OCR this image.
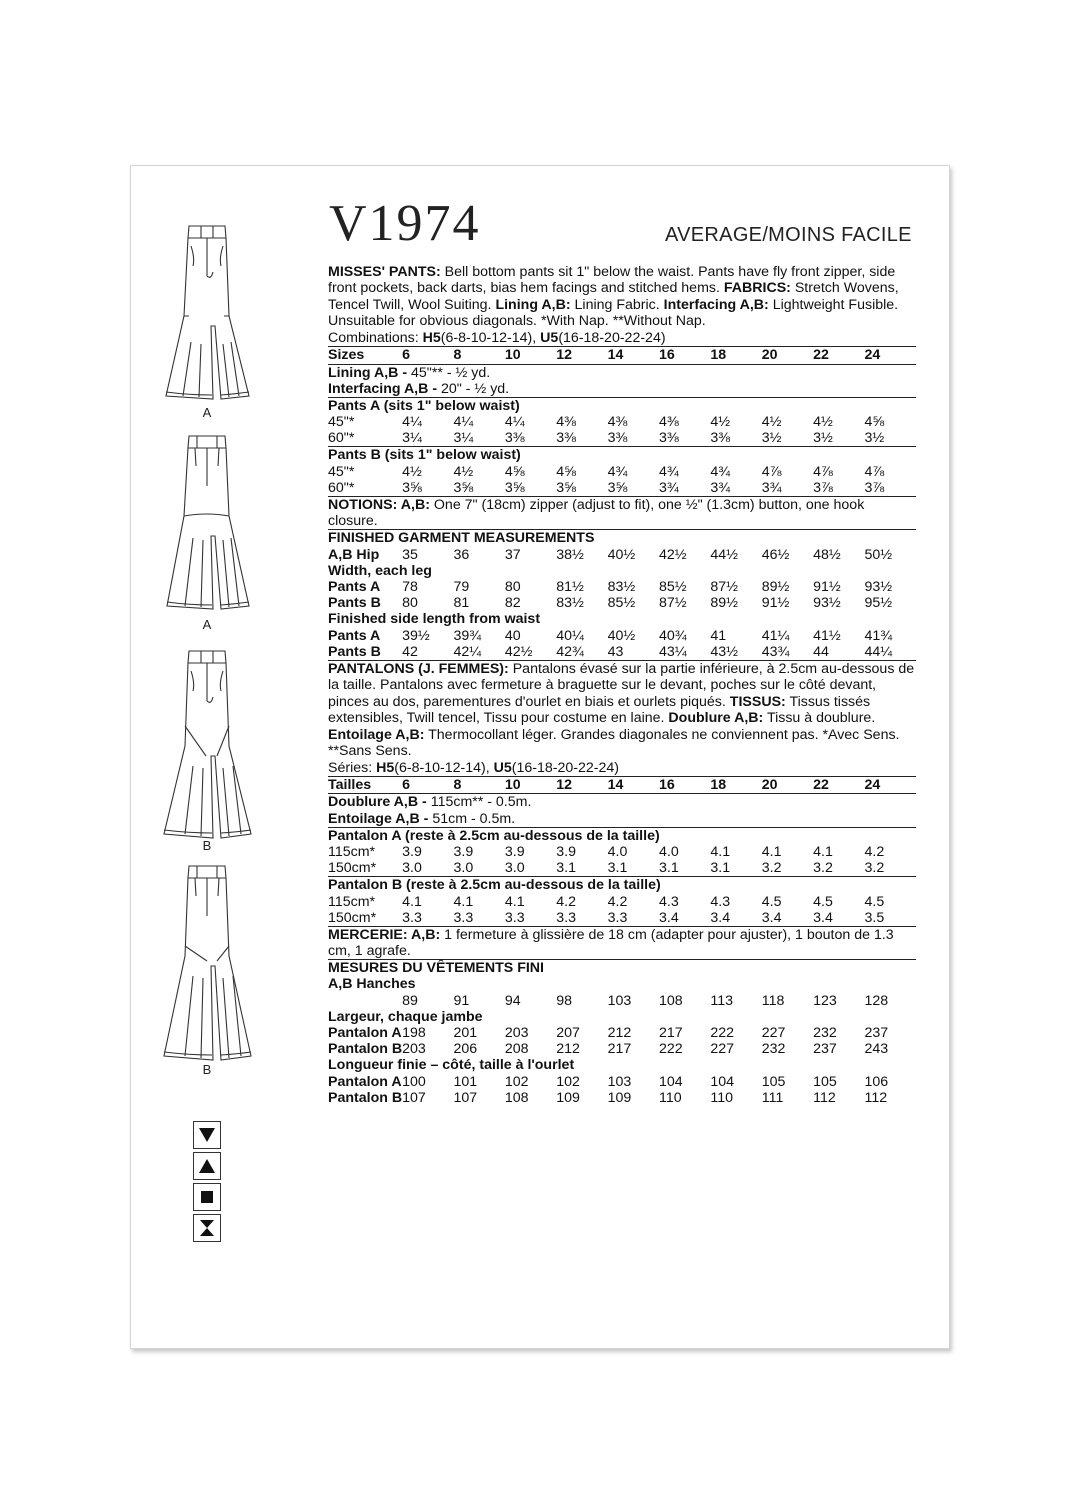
A
A
B
B
V1974	AVERAGE/MOINS FACILE

MISSES' PANTS: Bell bottom pants sit 1" below the waist. Pants have fly front zipper, side front pockets, back darts, bias hem facings and stitched hems. FABRICS: Stretch Wovens, Tencel Twill, Wool Suiting. Lining A,B: Lining Fabric. Interfacing A,B: Lightweight Fusible. Unsuitable for obvious diagonals. *With Nap. **Without Nap.

Combinations: H5(6-8-10-12-14), U5(16-18-20-22-24)

Sizes	6	8	10	12	14	16	18	20	22	24
Lining A,B - 45"** - ½ yd.										
Interfacing A,B - 20" - ½ yd.										
Pants A (sits 1" below waist)										
45"*	4¼	4¼	4¼	4⅜	4⅜	4⅜	4½	4½	4½	4⅝
60"*	3¼	3¼	3⅜	3⅜	3⅜	3⅜	3⅜	3½	3½	3½
Pants B (sits 1" below waist)										
45"*	4½	4½	4⅝	4⅝	4¾	4¾	4¾	4⅞	4⅞	4⅞
60"*	3⅝	3⅝	3⅝	3⅝	3⅝	3¾	3¾	3¾	3⅞	3⅞
NOTIONS: A,B: One 7" (18cm) zipper (adjust to fit), one ½" (1.3cm) button, one hook closure.										
FINISHED GARMENT MEASUREMENTS										
A,B Hip	35	36	37	38½	40½	42½	44½	46½	48½	50½
Width, each leg										
Pants A	78	79	80	81½	83½	85½	87½	89½	91½	93½
Pants B	80	81	82	83½	85½	87½	89½	91½	93½	95½
Finished side length from waist										
Pants A	39½	39¾	40	40¼	40½	40¾	41	41¼	41½	41¾
Pants B	42	42¼	42½	42¾	43	43¼	43½	43¾	44	44¼

PANTALONS (J. FEMMES): Pantalons évasé sur la partie inférieure, à 2.5cm au-dessous de la taille. Pantalons avec fermeture à braguette sur le devant, poches sur le côté devant, pinces au dos, parementures d'ourlet en biais et ourlets piqués. TISSUS: Tissus tissés extensibles, Twill tencel, Tissu pour costume en laine. Doublure A,B: Tissu à doublure. Entoilage A,B: Thermocollant léger. Grandes diagonales ne conviennent pas. *Avec Sens. **Sans Sens.

Séries: H5(6-8-10-12-14), U5(16-18-20-22-24)

Tailles	6	8	10	12	14	16	18	20	22	24
Doublure A,B - 115cm** - 0.5m.										
Entoilage A,B - 51cm - 0.5m.										
Pantalon A (reste à 2.5cm au-dessous de la taille)										
115cm*	3.9	3.9	3.9	3.9	4.0	4.0	4.1	4.1	4.1	4.2
150cm*	3.0	3.0	3.0	3.1	3.1	3.1	3.1	3.2	3.2	3.2
Pantalon B (reste à 2.5cm au-dessous de la taille)										
115cm*	4.1	4.1	4.1	4.2	4.2	4.3	4.3	4.5	4.5	4.5
150cm*	3.3	3.3	3.3	3.3	3.3	3.4	3.4	3.4	3.4	3.5
MERCERIE: A,B: 1 fermeture à glissière de 18 cm (adapter pour ajuster), 1 bouton de 1.3 cm, 1 agrafe.										
MESURES DU VÊTEMENTS FINI										
A,B Hanches										
	89	91	94	98	103	108	113	118	123	128
Largeur, chaque jambe										
Pantalon A	198	201	203	207	212	217	222	227	232	237
Pantalon B	203	206	208	212	217	222	227	232	237	243
Longueur finie – côté, taille à l'ourlet										
Pantalon A	100	101	102	102	103	104	104	105	105	106
Pantalon B	107	107	108	109	109	110	110	111	112	112
